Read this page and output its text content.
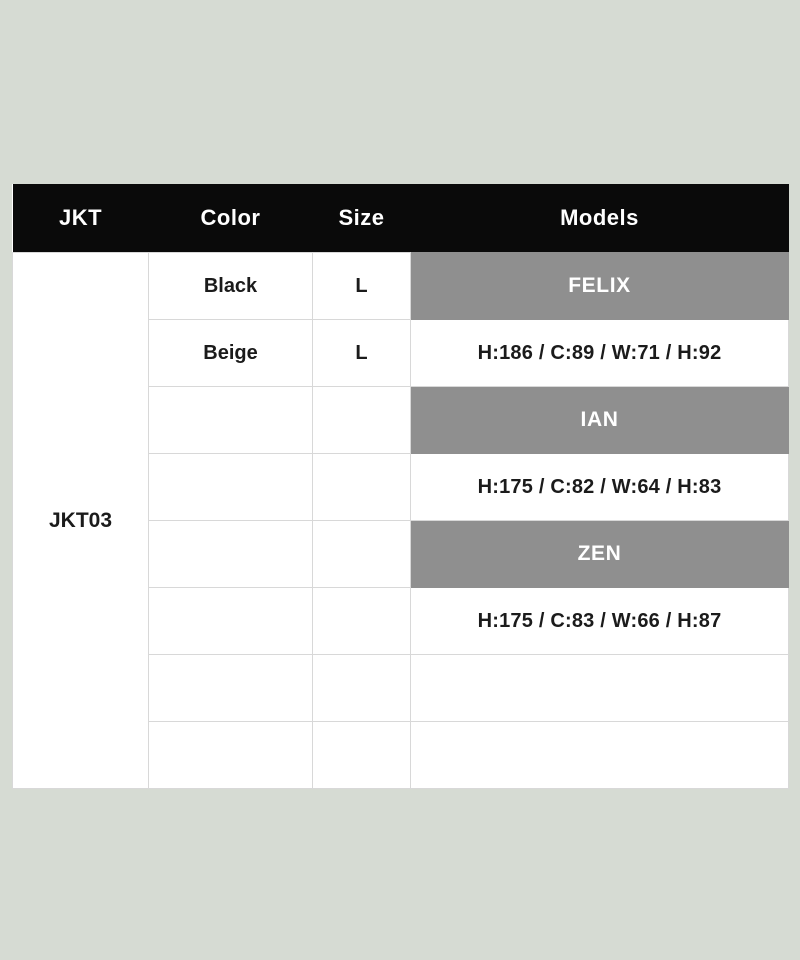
JKT	Color	Size	Models
JKT03	Black	L	FELIX
	Beige	L	H:186 / C:89 / W:71 / H:92
			IAN
			H:175 / C:82 / W:64 / H:83
			ZEN
			H:175 / C:83 / W:66 / H:87
